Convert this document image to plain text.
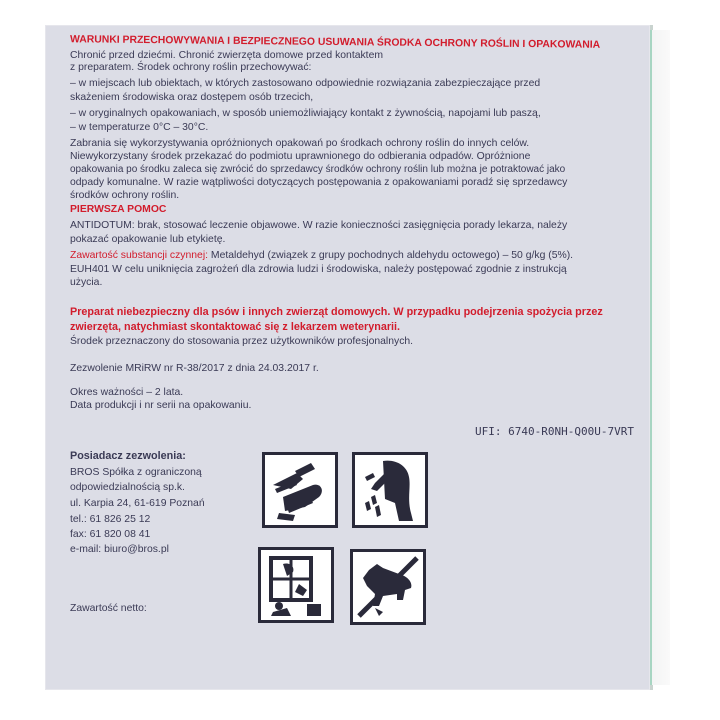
WARUNKI PRZECHOWYWANIA I BEZPIECZNEGO USUWANIA ŚRODKA OCHRONY ROŚLIN I OPAKOWANIA
Chronić przed dziećmi. Chronić zwierzęta domowe przed kontaktem
z preparatem. Środek ochrony roślin przechowywać:
– w miejscach lub obiektach, w których zastosowano odpowiednie rozwiązania zabezpieczające przed
skażeniem środowiska oraz dostępem osób trzecich,
– w oryginalnych opakowaniach, w sposób uniemożliwiający kontakt z żywnością, napojami lub paszą,
– w temperaturze 0°C – 30°C.
Zabrania się wykorzystywania opróżnionych opakowań po środkach ochrony roślin do innych celów.
Niewykorzystany środek przekazać do podmiotu uprawnionego do odbierania odpadów. Opróżnione
opakowania po środku zaleca się zwrócić do sprzedawcy środków ochrony roślin lub można je potraktować jako
odpady komunalne. W razie wątpliwości dotyczących postępowania z opakowaniami poradź się sprzedawcy
środków ochrony roślin.
PIERWSZA POMOC
ANTIDOTUM: brak, stosować leczenie objawowe. W razie konieczności zasięgnięcia porady lekarza, należy
pokazać opakowanie lub etykietę.
Zawartość substancji czynnej: Metaldehyd (związek z grupy pochodnych aldehydu octowego) – 50 g/kg (5%).
EUH401 W celu uniknięcia zagrożeń dla zdrowia ludzi i środowiska, należy postępować zgodnie z instrukcją
użycia.
Preparat niebezpieczny dla psów i innych zwierząt domowych. W przypadku podejrzenia spożycia przez
zwierzęta, natychmiast skontaktować się z lekarzem weterynarii.
Środek przeznaczony do stosowania przez użytkowników profesjonalnych.
Zezwolenie MRiRW nr R-38/2017 z dnia 24.03.2017 r.
Okres ważności – 2 lata.
Data produkcji i nr serii na opakowaniu.
UFI: 6740-R0NH-Q00U-7VRT
Posiadacz zezwolenia:
BROS Spółka z ograniczoną
odpowiedzialnością sp.k.
ul. Karpia 24, 61-619 Poznań
tel.: 61 826 25 12
fax: 61 820 08 41
e-mail: biuro@bros.pl
Zawartość netto:
